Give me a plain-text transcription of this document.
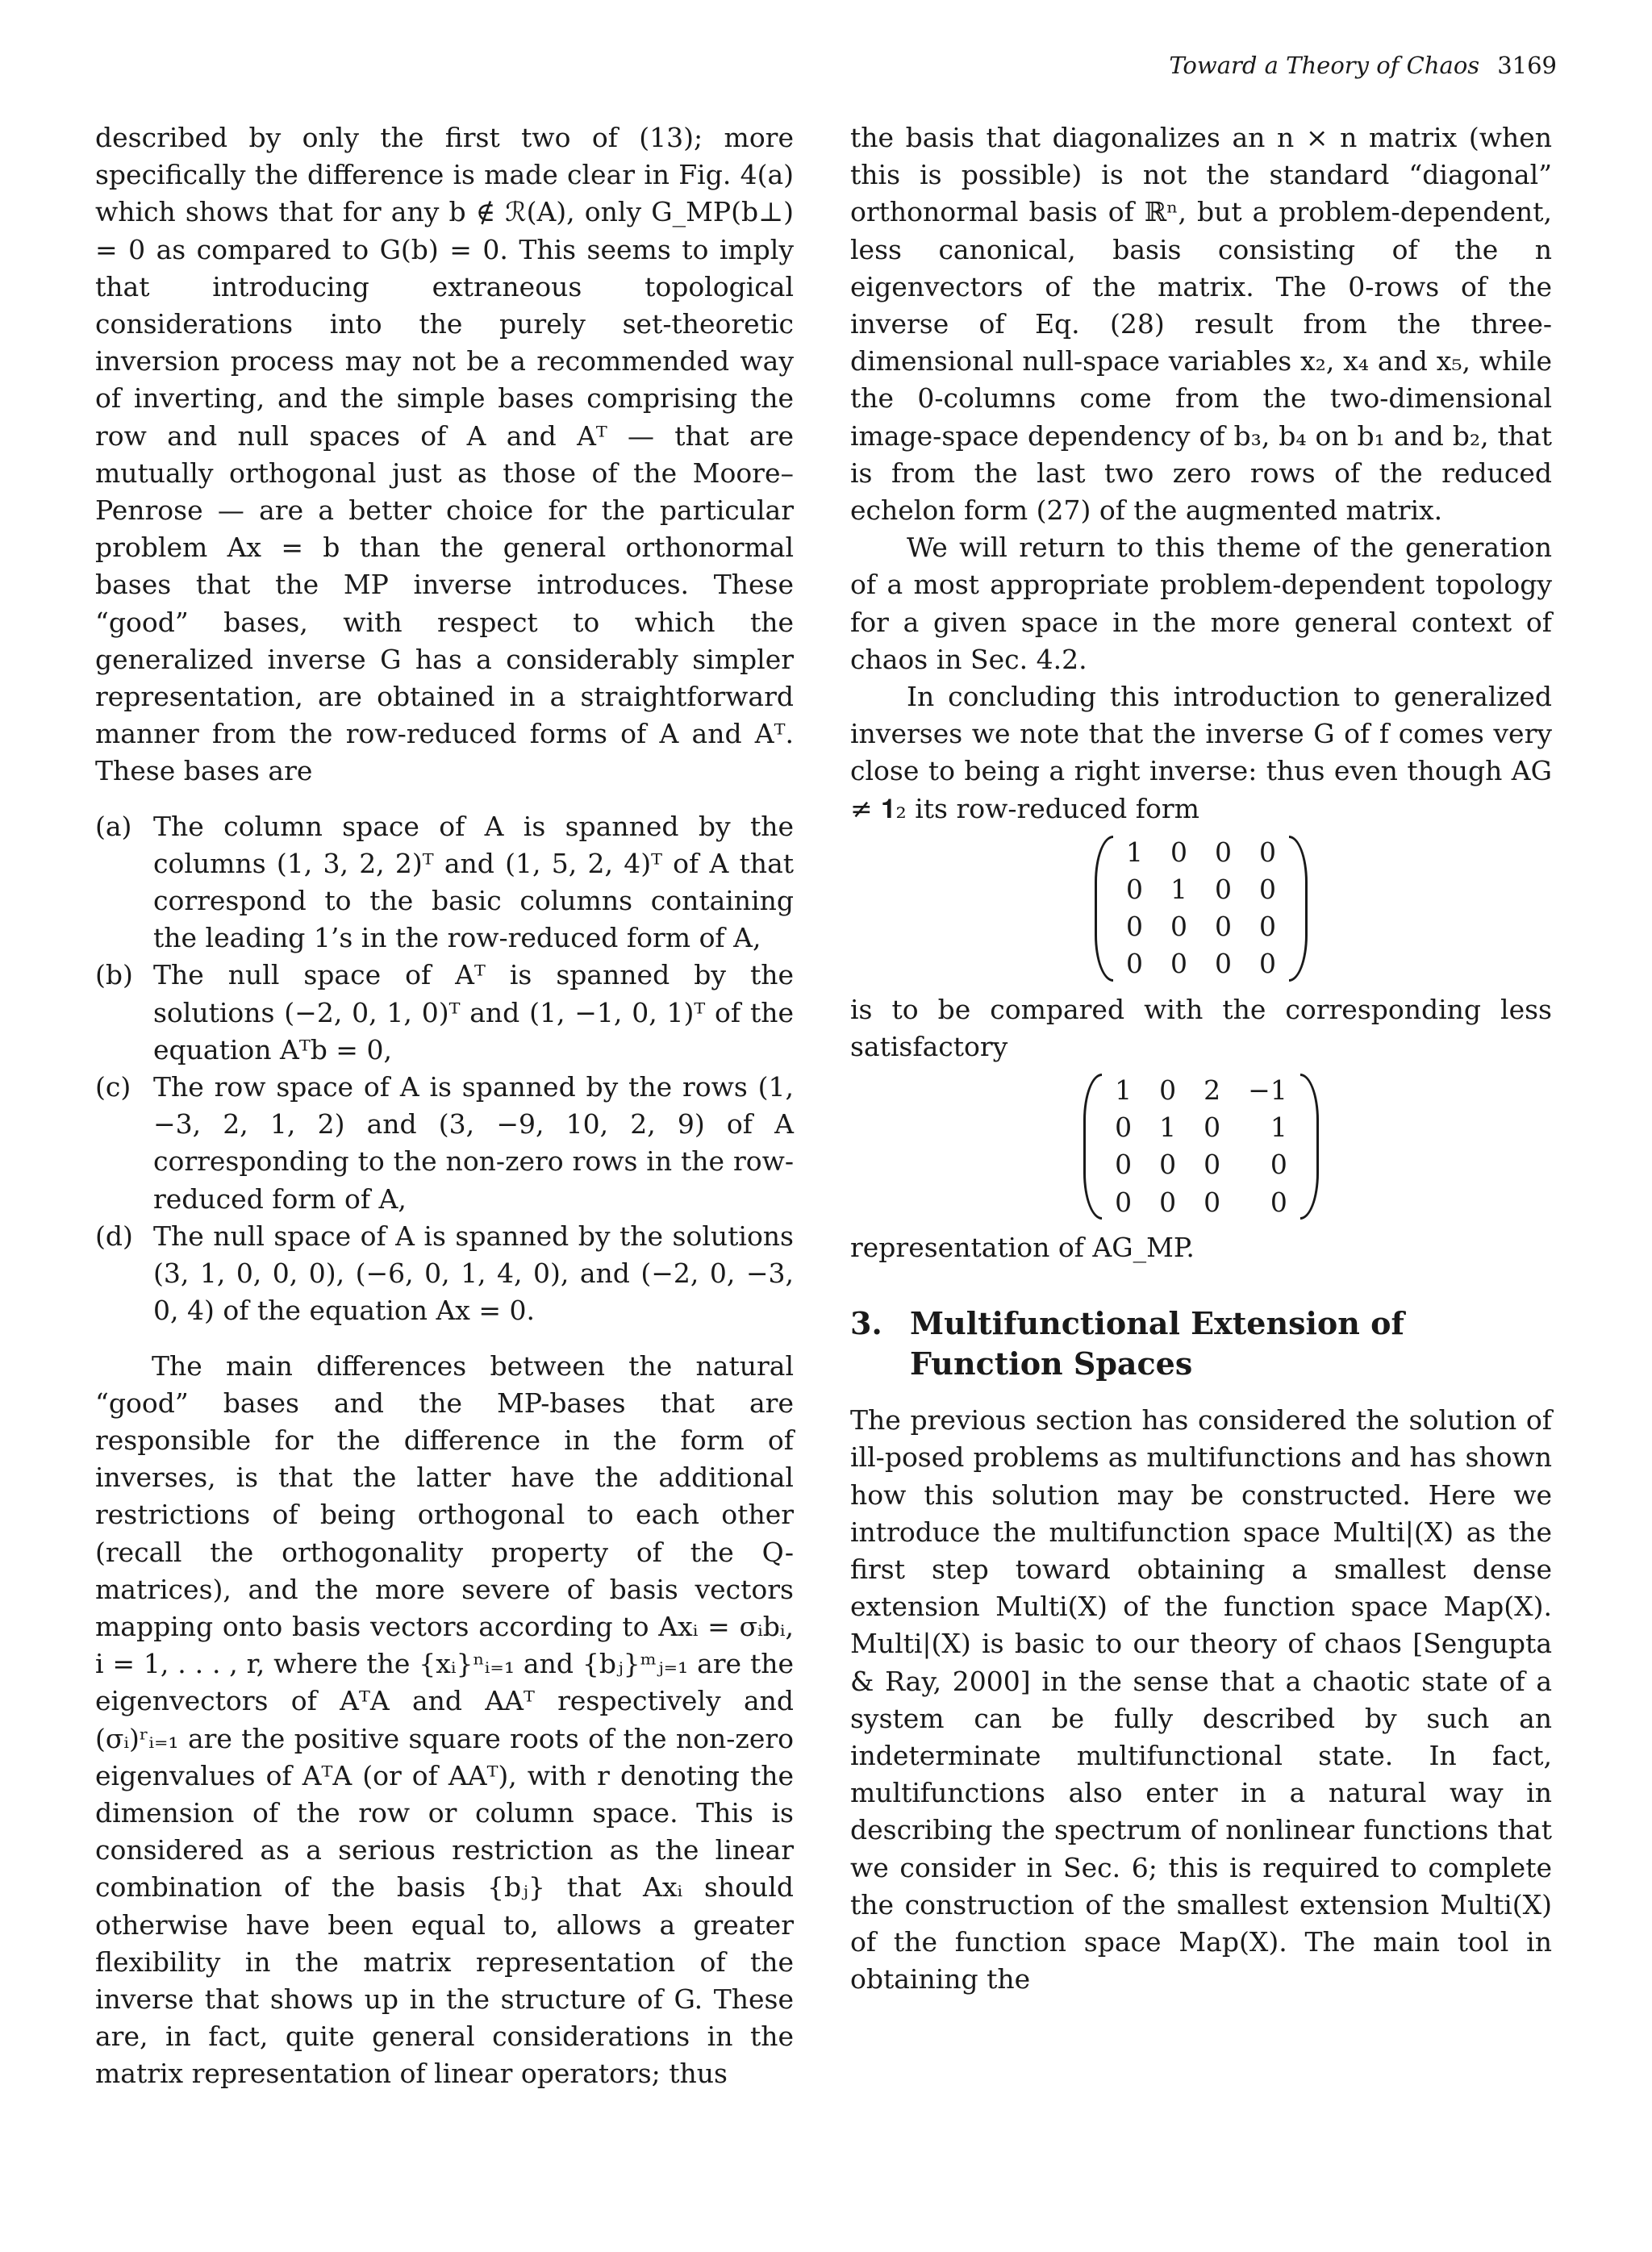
Toward a Theory of Chaos 3169

described by only the first two of (13); more specifically the difference is made clear in Fig. 4(a) which shows that for any b ∉ ℛ(A), only G_MP(b⊥) = 0 as compared to G(b) = 0. This seems to imply that introducing extraneous topological considerations into the purely set-theoretic inversion process may not be a recommended way of inverting, and the simple bases comprising the row and null spaces of A and Aᵀ — that are mutually orthogonal just as those of the Moore–Penrose — are a better choice for the particular problem Ax = b than the general orthonormal bases that the MP inverse introduces. These “good” bases, with respect to which the generalized inverse G has a considerably simpler representation, are obtained in a straightforward manner from the row-reduced forms of A and Aᵀ. These bases are

(a) The column space of A is spanned by the columns (1, 3, 2, 2)ᵀ and (1, 5, 2, 4)ᵀ of A that correspond to the basic columns containing the leading 1’s in the row-reduced form of A,
(b) The null space of Aᵀ is spanned by the solutions (−2, 0, 1, 0)ᵀ and (1, −1, 0, 1)ᵀ of the equation Aᵀb = 0,
(c) The row space of A is spanned by the rows (1, −3, 2, 1, 2) and (3, −9, 10, 2, 9) of A corresponding to the non-zero rows in the row-reduced form of A,
(d) The null space of A is spanned by the solutions (3, 1, 0, 0, 0), (−6, 0, 1, 4, 0), and (−2, 0, −3, 0, 4) of the equation Ax = 0.

The main differences between the natural “good” bases and the MP-bases that are responsible for the difference in the form of inverses, is that the latter have the additional restrictions of being orthogonal to each other (recall the orthogonality property of the Q-matrices), and the more severe of basis vectors mapping onto basis vectors according to Axᵢ = σᵢbᵢ, i = 1, . . . , r, where the {xᵢ}ⁿᵢ₌₁ and {bⱼ}ᵐⱼ₌₁ are the eigenvectors of AᵀA and AAᵀ respectively and (σᵢ)ʳᵢ₌₁ are the positive square roots of the non-zero eigenvalues of AᵀA (or of AAᵀ), with r denoting the dimension of the row or column space. This is considered as a serious restriction as the linear combination of the basis {bⱼ} that Axᵢ should otherwise have been equal to, allows a greater flexibility in the matrix representation of the inverse that shows up in the structure of G. These are, in fact, quite general considerations in the matrix representation of linear operators; thus

the basis that diagonalizes an n × n matrix (when this is possible) is not the standard “diagonal” orthonormal basis of ℝⁿ, but a problem-dependent, less canonical, basis consisting of the n eigenvectors of the matrix. The 0-rows of the inverse of Eq. (28) result from the three-dimensional null-space variables x₂, x₄ and x₅, while the 0-columns come from the two-dimensional image-space dependency of b₃, b₄ on b₁ and b₂, that is from the last two zero rows of the reduced echelon form (27) of the augmented matrix.

We will return to this theme of the generation of a most appropriate problem-dependent topology for a given space in the more general context of chaos in Sec. 4.2.

In concluding this introduction to generalized inverses we note that the inverse G of f comes very close to being a right inverse: thus even though AG ≠ 𝟏₂ its row-reduced form

1	0	0	0
0	1	0	0
0	0	0	0
0	0	0	0

is to be compared with the corresponding less satisfactory

1	0	2	−1
0	1	0	1
0	0	0	0
0	0	0	0

representation of AG_MP.

3. Multifunctional Extension of Function Spaces

The previous section has considered the solution of ill-posed problems as multifunctions and has shown how this solution may be constructed. Here we introduce the multifunction space Multi|(X) as the first step toward obtaining a smallest dense extension Multi(X) of the function space Map(X). Multi|(X) is basic to our theory of chaos [Sengupta & Ray, 2000] in the sense that a chaotic state of a system can be fully described by such an indeterminate multifunctional state. In fact, multifunctions also enter in a natural way in describing the spectrum of nonlinear functions that we consider in Sec. 6; this is required to complete the construction of the smallest extension Multi(X) of the function space Map(X). The main tool in obtaining the
